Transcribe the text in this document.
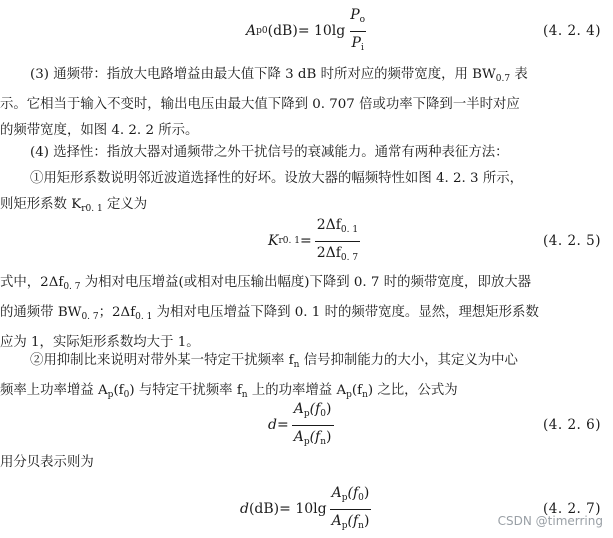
A p0 $(dB) = 10\lg \frac{P_o}{P_i}$	(4. 2. 4)

(3) 通频带：指放大电路增益由最大值下降 3 dB 时所对应的频带宽度，用 $BW_{0.7}$ 表
示。它相当于输入不变时，输出电压由最大值下降到 0. 707 倍或功率下降到一半时对应
的频带宽度，如图 4. 2. 2 所示。

(4) 选择性：指放大器对通频带之外干扰信号的衰减能力。通常有两种表征方法：
①用矩形系数说明邻近波道选择性的好坏。设放大器的幅频特性如图 4. 2. 3 所示，
则矩形系数 $K_{r0. 1}$ 定义为

K r0. $1 = \frac{2\Delta f_{0. 1}}{2\Delta f_{0. 7}}$	(4. 2. 5)

式中，$2\Delta f_{0. 7}$ 为相对电压增益(或相对电压输出幅度)下降到 0. 7 时的频带宽度，即放大器
的通频带 $BW_{0. 7}$；$2\Delta f_{0. 1}$ 为相对电压增益下降到 0. 1 时的频带宽度。显然，理想矩形系数
应为 1，实际矩形系数均大于 1。

②用抑制比来说明对带外某一特定干扰频率 $f_n$ 信号抑制能力的大小，其定义为中心
频率上功率增益 $A_p(f_0)$ 与特定干扰频率 $f_n$ 上的功率增益 $A_p(f_n)$ 之比，公式为

$d = \frac{A_p(f_0)}{A_p(f_n)}$	(4. 2. 6)

用分贝表示则为

d $(dB) = 10\lg \frac{A_p(f_0)}{A_p(f_n)}$	(4. 2. 7)
CSDN @timerring
